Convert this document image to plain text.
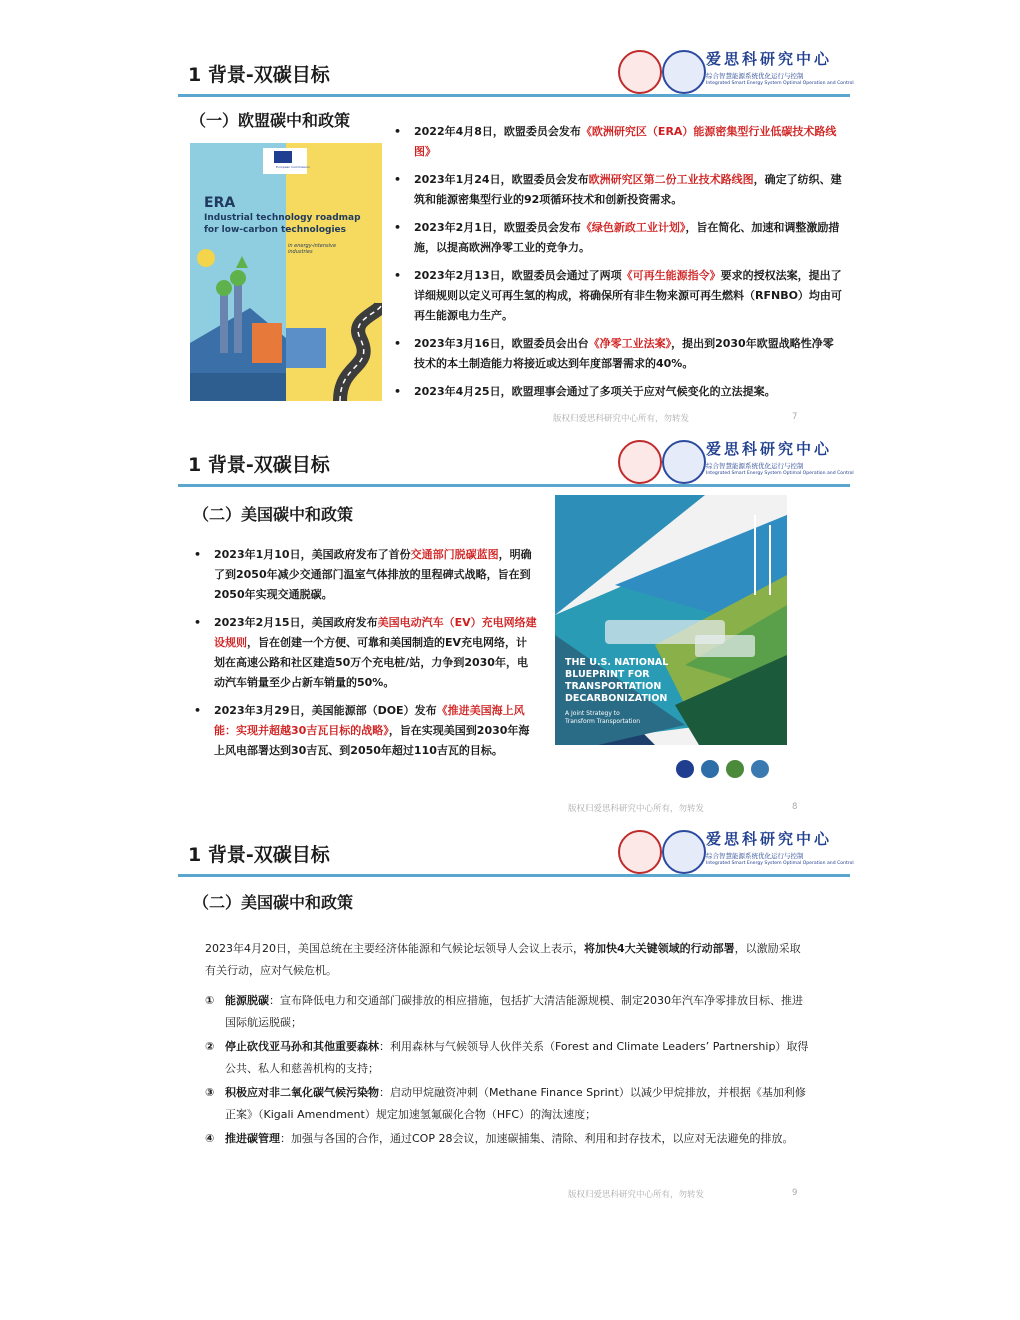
1 背景-双碳目标
爱思科研究中心
综合智慧能源系统优化运行与控制
Integrated Smart Energy System Optimal Operation and Control
（一）欧盟碳中和政策
European Commission
ERA
Industrial technology roadmap
for low-carbon technologies
in energy-intensive industries
• 2022年4月8日，欧盟委员会发布《欧洲研究区（ERA）能源密集型行业低碳技术路线图》
• 2023年1月24日，欧盟委员会发布欧洲研究区第二份工业技术路线图，确定了纺织、建筑和能源密集型行业的92项循环技术和创新投资需求。
• 2023年2月1日，欧盟委员会发布《绿色新政工业计划》，旨在简化、加速和调整激励措施，以提高欧洲净零工业的竞争力。
• 2023年2月13日，欧盟委员会通过了两项《可再生能源指令》要求的授权法案，提出了详细规则以定义可再生氢的构成，将确保所有非生物来源可再生燃料（RFNBO）均由可再生能源电力生产。
• 2023年3月16日，欧盟委员会出台《净零工业法案》，提出到2030年欧盟战略性净零技术的本土制造能力将接近或达到年度部署需求的40%。
• 2023年4月25日，欧盟理事会通过了多项关于应对气候变化的立法提案。
版权归爱思科研究中心所有，勿转发	7
1 背景-双碳目标
爱思科研究中心
综合智慧能源系统优化运行与控制
Integrated Smart Energy System Optimal Operation and Control
（二）美国碳中和政策
• 2023年1月10日，美国政府发布了首份交通部门脱碳蓝图，明确了到2050年减少交通部门温室气体排放的里程碑式战略，旨在到2050年实现交通脱碳。
• 2023年2月15日，美国政府发布美国电动汽车（EV）充电网络建设规则，旨在创建一个方便、可靠和美国制造的EV充电网络，计划在高速公路和社区建造50万个充电桩/站，力争到2030年，电动汽车销量至少占新车销量的50%。
• 2023年3月29日，美国能源部（DOE）发布《推进美国海上风能：实现并超越30吉瓦目标的战略》，旨在实现美国到2030年海上风电部署达到30吉瓦、到2050年超过110吉瓦的目标。
THE U.S. NATIONAL
BLUEPRINT FOR
TRANSPORTATION
DECARBONIZATION
A Joint Strategy to
Transform Transportation
版权归爱思科研究中心所有，勿转发	8
1 背景-双碳目标
爱思科研究中心
综合智慧能源系统优化运行与控制
Integrated Smart Energy System Optimal Operation and Control
（二）美国碳中和政策
2023年4月20日，美国总统在主要经济体能源和气候论坛领导人会议上表示，将加快4大关键领域的行动部署，以激励采取有关行动，应对气候危机。
① 能源脱碳：宣布降低电力和交通部门碳排放的相应措施，包括扩大清洁能源规模、制定2030年汽车净零排放目标、推进国际航运脱碳；
② 停止砍伐亚马孙和其他重要森林：利用森林与气候领导人伙伴关系（Forest and Climate Leaders’ Partnership）取得公共、私人和慈善机构的支持；
③ 积极应对非二氧化碳气候污染物：启动甲烷融资冲刺（Methane Finance Sprint）以减少甲烷排放，并根据《基加利修正案》（Kigali Amendment）规定加速氢氟碳化合物（HFC）的淘汰速度；
④ 推进碳管理：加强与各国的合作，通过COP 28会议，加速碳捕集、清除、利用和封存技术，以应对无法避免的排放。
版权归爱思科研究中心所有，勿转发	9
